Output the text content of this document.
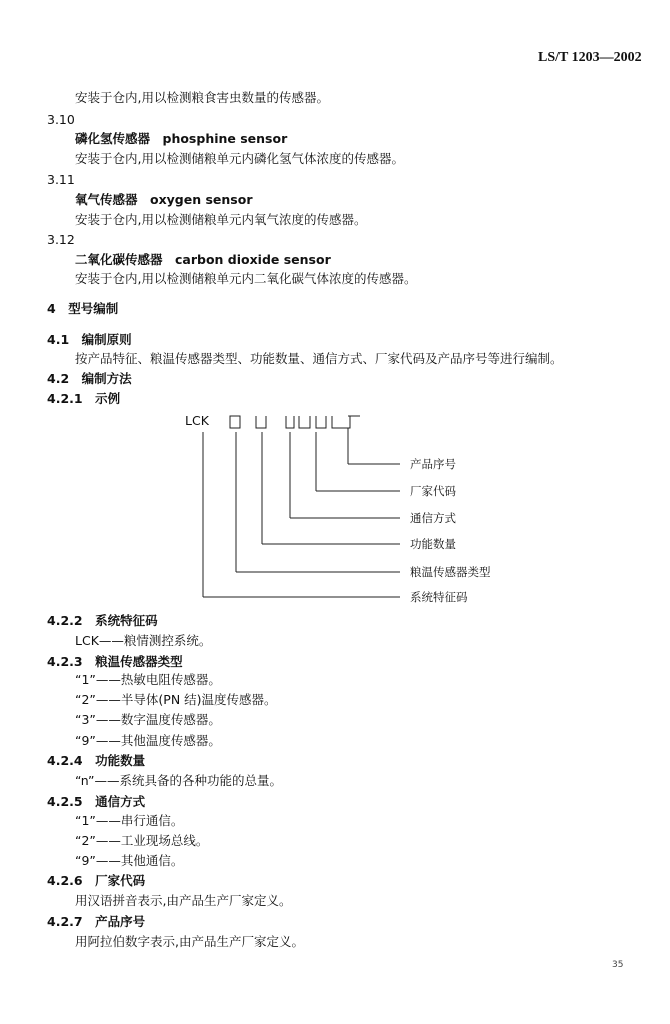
LS/T 1203—2002
安装于仓内,用以检测粮食害虫数量的传感器。
3.10
磷化氢传感器　phosphine sensor
安装于仓内,用以检测储粮单元内磷化氢气体浓度的传感器。
3.11
氧气传感器　oxygen sensor
安装于仓内,用以检测储粮单元内氧气浓度的传感器。
3.12
二氧化碳传感器　carbon dioxide sensor
安装于仓内,用以检测储粮单元内二氧化碳气体浓度的传感器。
4　型号编制
4.1　编制原则
按产品特征、粮温传感器类型、功能数量、通信方式、厂家代码及产品序号等进行编制。
4.2　编制方法
4.2.1　示例
LCK
产品序号
厂家代码
通信方式
功能数量
粮温传感器类型
系统特征码
4.2.2　系统特征码
LCK——粮情测控系统。
4.2.3　粮温传感器类型
“1”——热敏电阻传感器。
“2”——半导体(PN 结)温度传感器。
“3”——数字温度传感器。
“9”——其他温度传感器。
4.2.4　功能数量
“n”——系统具备的各种功能的总量。
4.2.5　通信方式
“1”——串行通信。
“2”——工业现场总线。
“9”——其他通信。
4.2.6　厂家代码
用汉语拼音表示,由产品生产厂家定义。
4.2.7　产品序号
用阿拉伯数字表示,由产品生产厂家定义。
35
